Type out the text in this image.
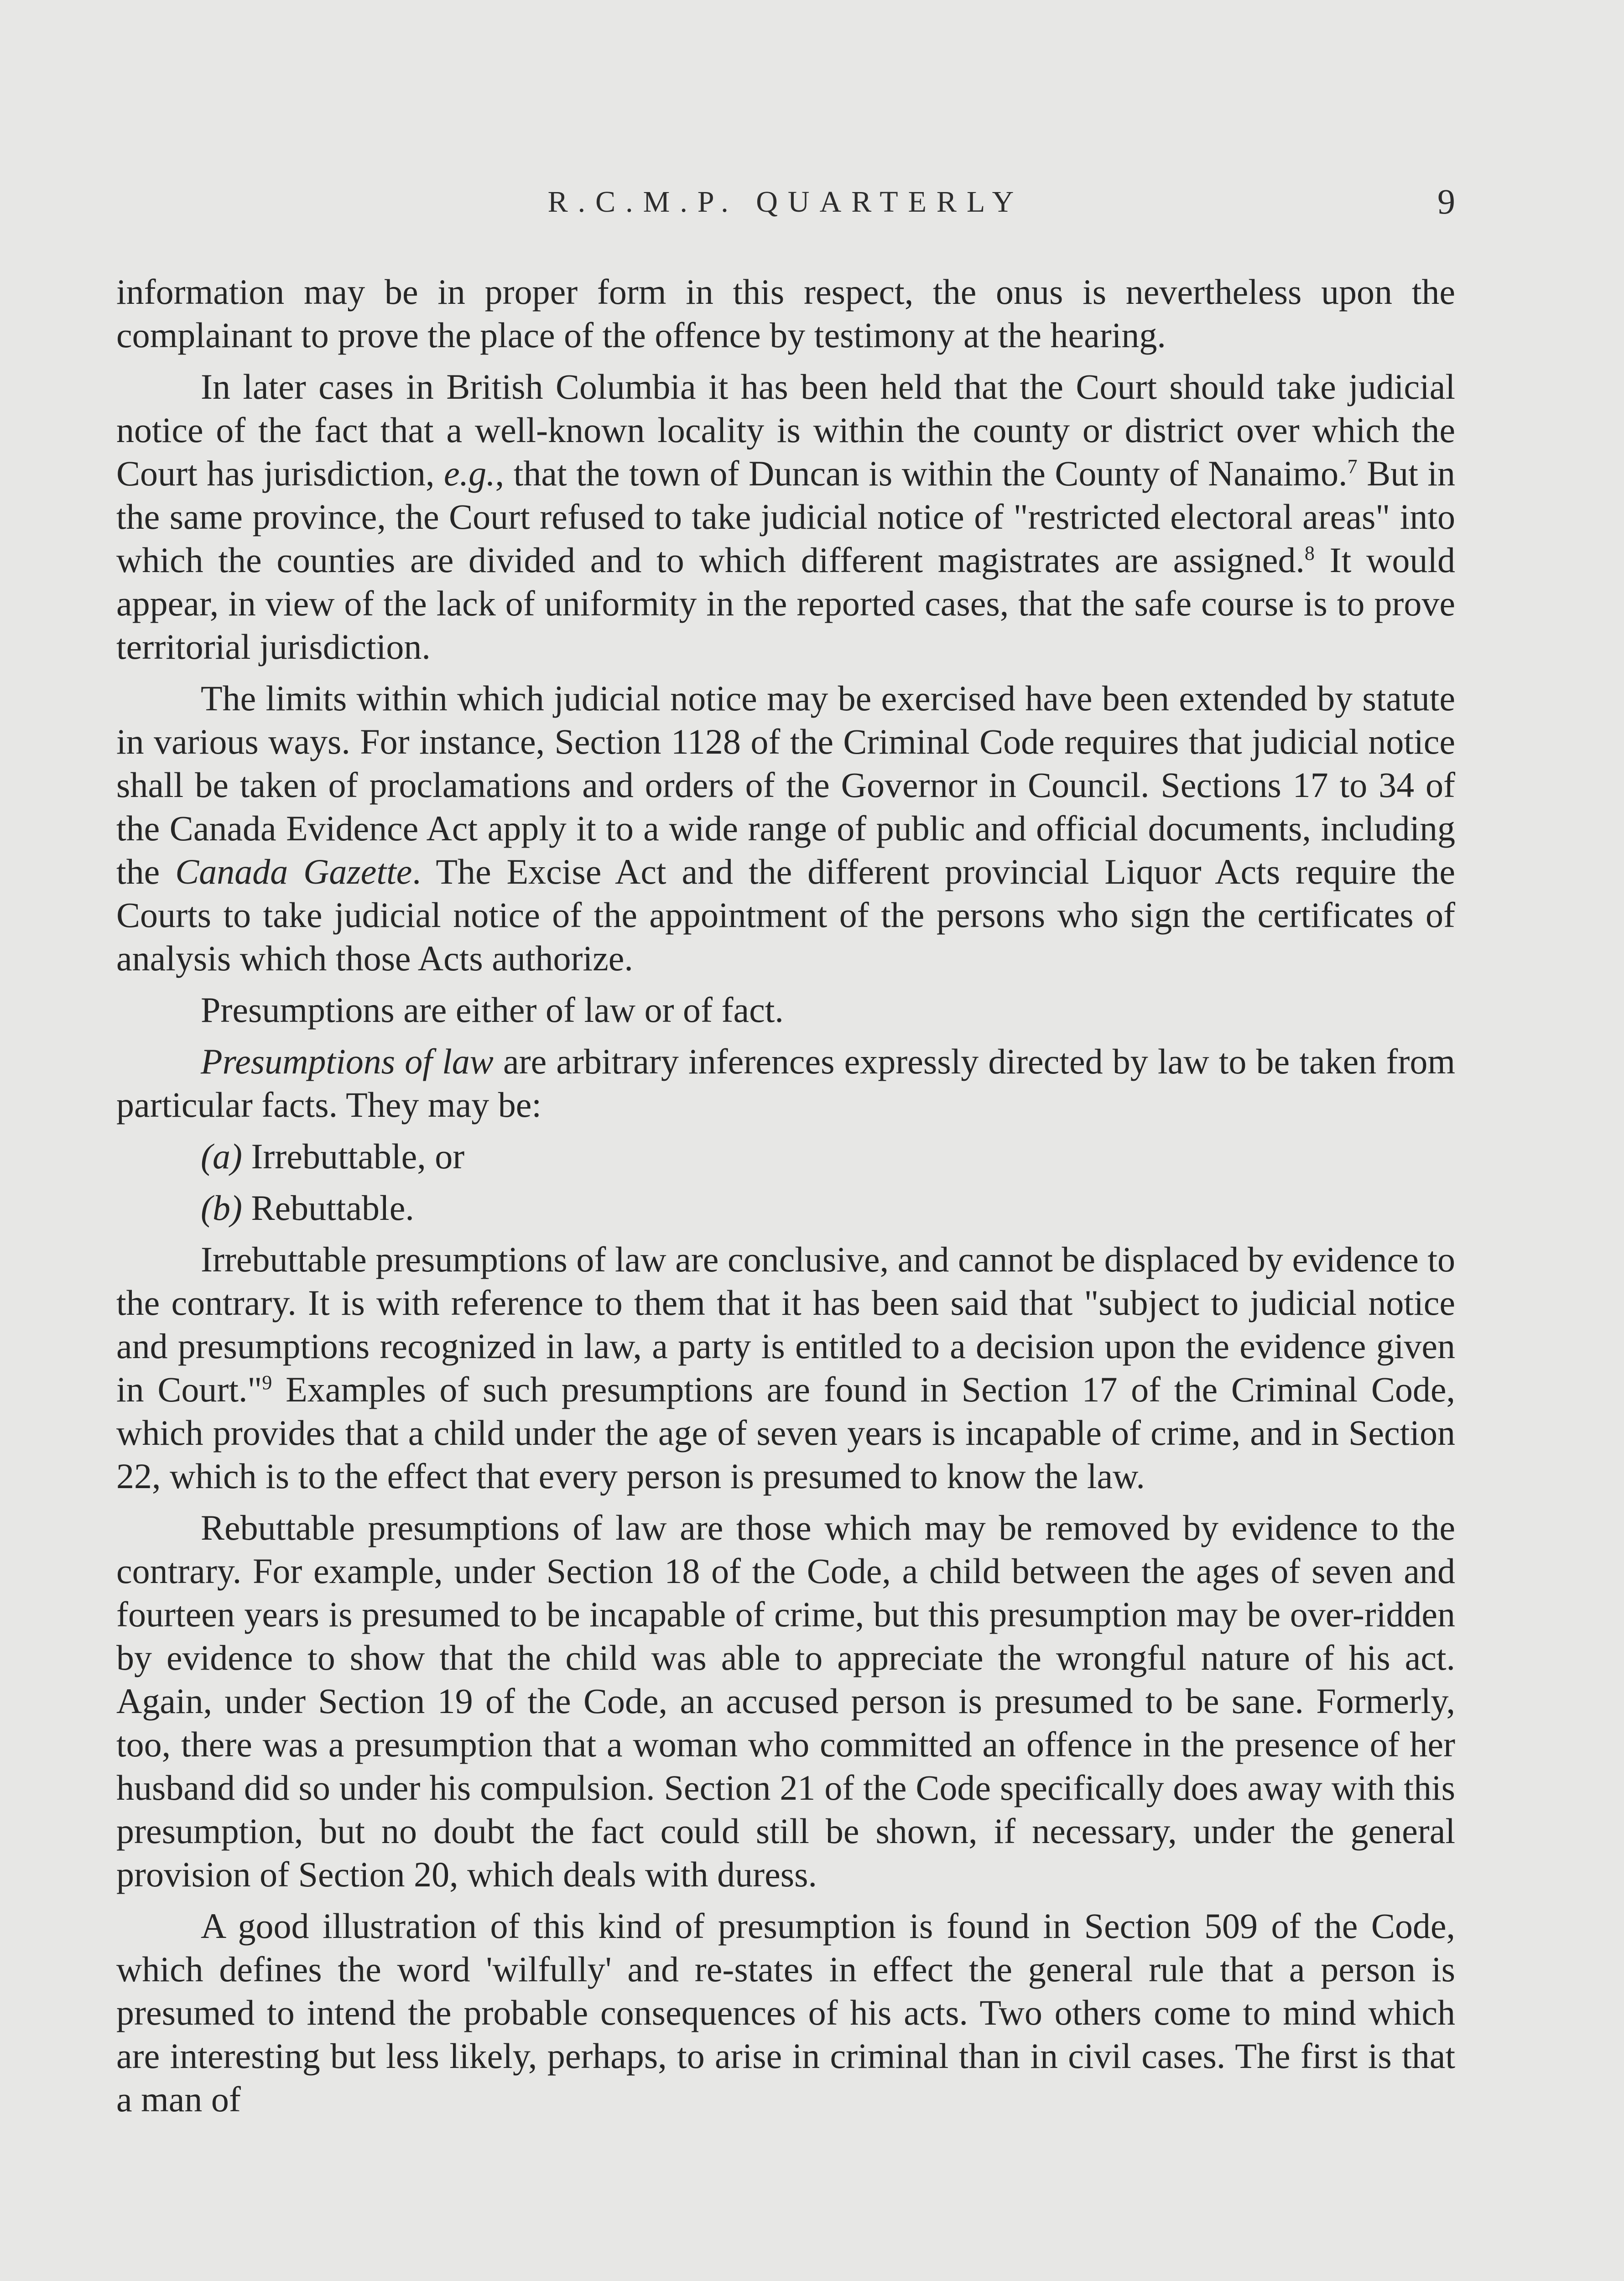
R.C.M.P. QUARTERLY	9

information may be in proper form in this respect, the onus is nevertheless upon the complainant to prove the place of the offence by testimony at the hearing.

In later cases in British Columbia it has been held that the Court should take judicial notice of the fact that a well-known locality is within the county or district over which the Court has jurisdiction, e.g., that the town of Duncan is within the County of Nanaimo.$^7$ But in the same province, the Court refused to take judicial notice of "restricted electoral areas" into which the counties are divided and to which different magistrates are assigned.$^8$ It would appear, in view of the lack of uniformity in the reported cases, that the safe course is to prove territorial jurisdiction.

The limits within which judicial notice may be exercised have been extended by statute in various ways. For instance, Section 1128 of the Criminal Code requires that judicial notice shall be taken of proclamations and orders of the Governor in Council. Sections 17 to 34 of the Canada Evidence Act apply it to a wide range of public and official documents, including the Canada Gazette. The Excise Act and the different provincial Liquor Acts require the Courts to take judicial notice of the appointment of the persons who sign the certificates of analysis which those Acts authorize.

Presumptions are either of law or of fact.

Presumptions of law are arbitrary inferences expressly directed by law to be taken from particular facts. They may be:

(a) Irrebuttable, or
(b) Rebuttable.

Irrebuttable presumptions of law are conclusive, and cannot be displaced by evidence to the contrary. It is with reference to them that it has been said that "subject to judicial notice and presumptions recognized in law, a party is entitled to a decision upon the evidence given in Court."$^9$ Examples of such presumptions are found in Section 17 of the Criminal Code, which provides that a child under the age of seven years is incapable of crime, and in Section 22, which is to the effect that every person is presumed to know the law.

Rebuttable presumptions of law are those which may be removed by evidence to the contrary. For example, under Section 18 of the Code, a child between the ages of seven and fourteen years is presumed to be incapable of crime, but this presumption may be over-ridden by evidence to show that the child was able to appreciate the wrongful nature of his act. Again, under Section 19 of the Code, an accused person is presumed to be sane. Formerly, too, there was a presumption that a woman who committed an offence in the presence of her husband did so under his compulsion. Section 21 of the Code specifically does away with this presumption, but no doubt the fact could still be shown, if necessary, under the general provision of Section 20, which deals with duress.

A good illustration of this kind of presumption is found in Section 509 of the Code, which defines the word 'wilfully' and re-states in effect the general rule that a person is presumed to intend the probable consequences of his acts. Two others come to mind which are interesting but less likely, perhaps, to arise in criminal than in civil cases. The first is that a man of
